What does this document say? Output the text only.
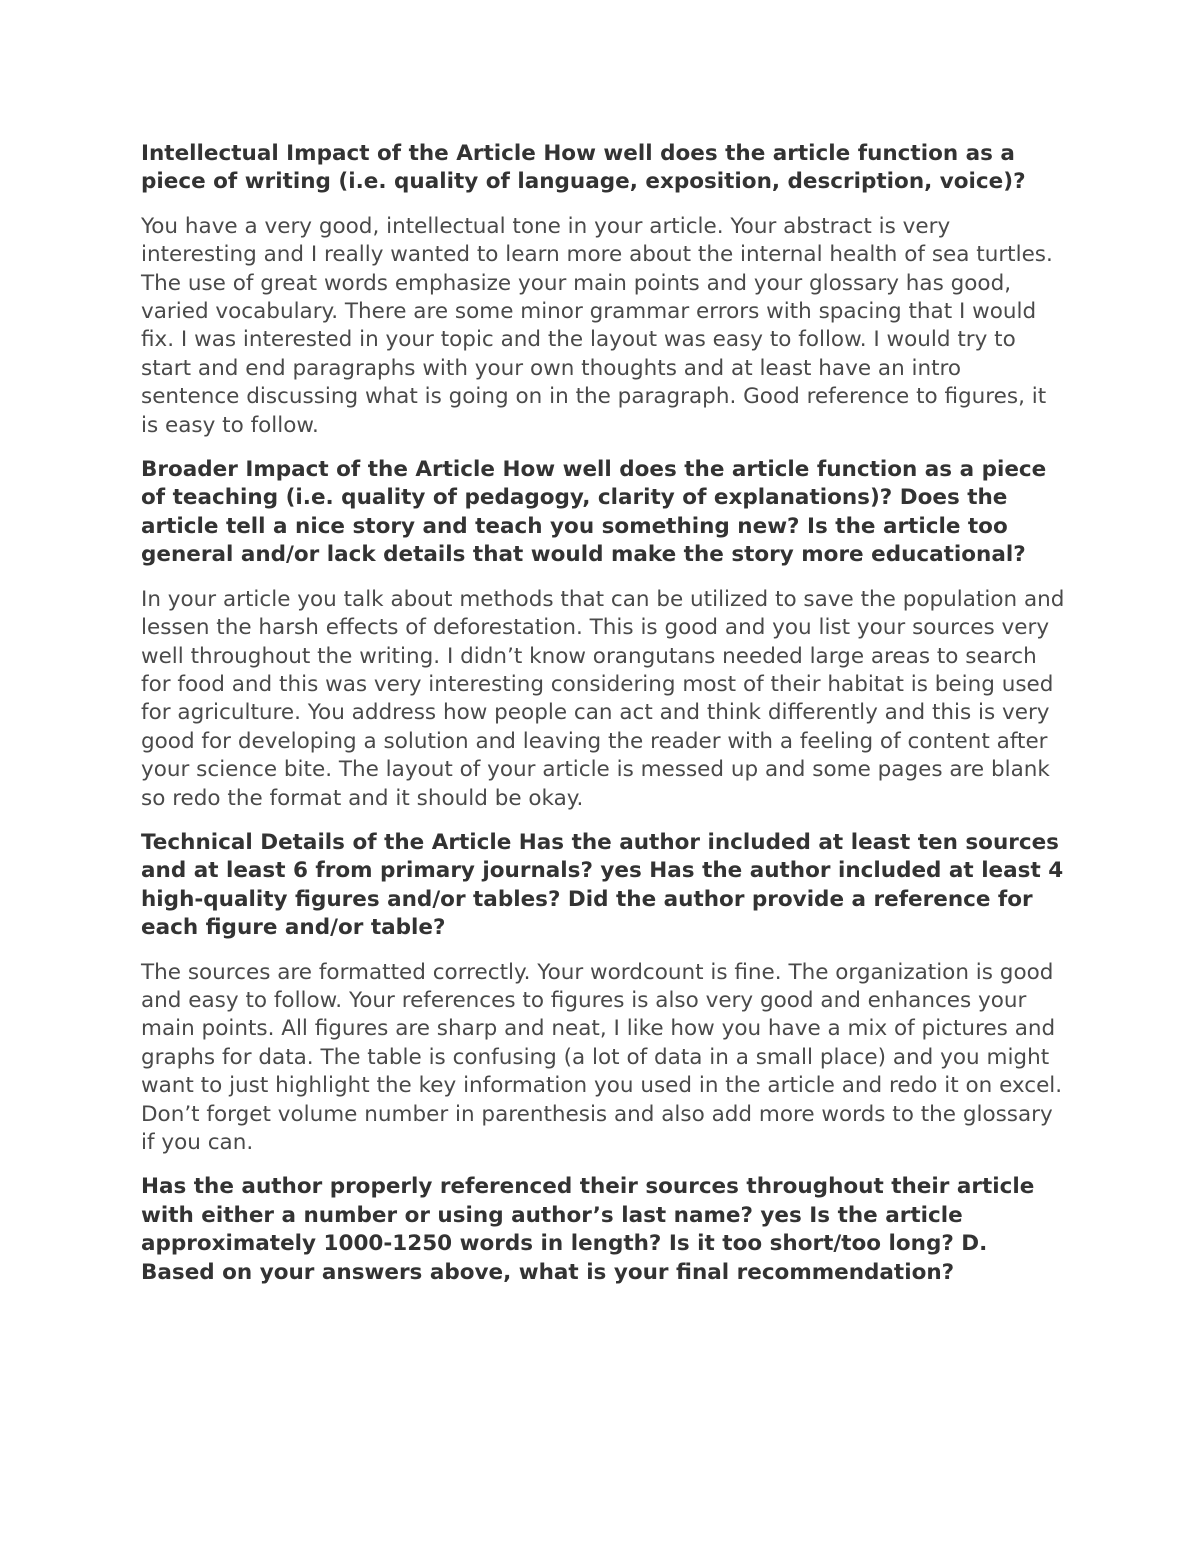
Intellectual Impact of the Article How well does the article function as a piece of writing (i.e. quality of language, exposition, description, voice)?

You have a very good, intellectual tone in your article. Your abstract is very interesting and I really wanted to learn more about the internal health of sea turtles. The use of great words emphasize your main points and your glossary has good, varied vocabulary. There are some minor grammar errors with spacing that I would fix. I was interested in your topic and the layout was easy to follow. I would try to start and end paragraphs with your own thoughts and at least have an intro sentence discussing what is going on in the paragraph. Good reference to figures, it is easy to follow.

Broader Impact of the Article How well does the article function as a piece of teaching (i.e. quality of pedagogy, clarity of explanations)? Does the article tell a nice story and teach you something new? Is the article too general and/or lack details that would make the story more educational?

In your article you talk about methods that can be utilized to save the population and lessen the harsh effects of deforestation. This is good and you list your sources very well throughout the writing. I didn’t know orangutans needed large areas to search for food and this was very interesting considering most of their habitat is being used for agriculture. You address how people can act and think differently and this is very good for developing a solution and leaving the reader with a feeling of content after your science bite. The layout of your article is messed up and some pages are blank so redo the format and it should be okay.

Technical Details of the Article Has the author included at least ten sources and at least 6 from primary journals? yes Has the author included at least 4 high-quality figures and/or tables? Did the author provide a reference for each figure and/or table?

The sources are formatted correctly. Your wordcount is fine. The organization is good and easy to follow. Your references to figures is also very good and enhances your main points. All figures are sharp and neat, I like how you have a mix of pictures and graphs for data. The table is confusing (a lot of data in a small place) and you might want to just highlight the key information you used in the article and redo it on excel. Don’t forget volume number in parenthesis and also add more words to the glossary if you can.

Has the author properly referenced their sources throughout their article with either a number or using author’s last name? yes Is the article approximately 1000-1250 words in length? Is it too short/too long? D. Based on your answers above, what is your final recommendation?
